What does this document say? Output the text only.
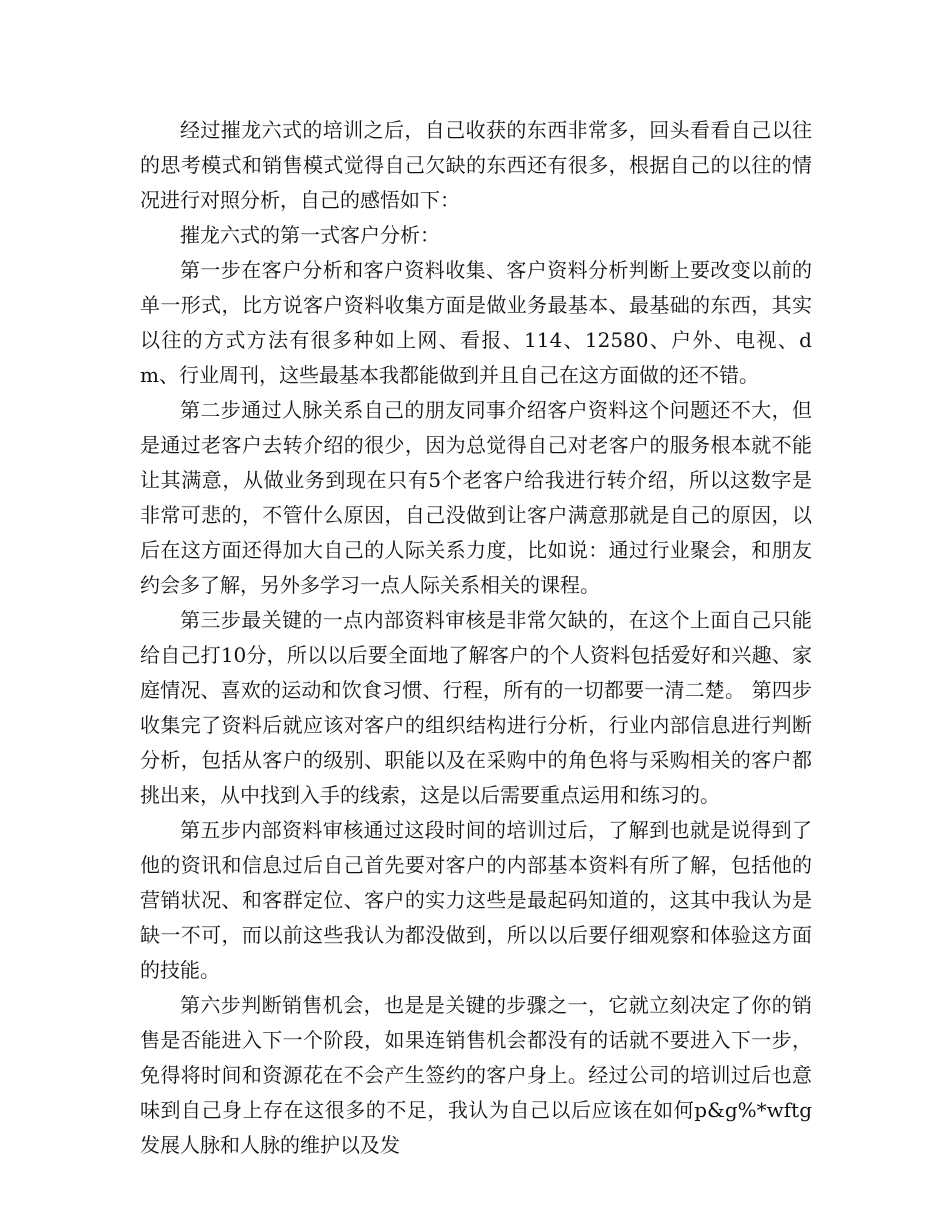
经过摧龙六式的培训之后，自己收获的东西非常多，回头看看自己以往的思考模式和销售模式觉得自己欠缺的东西还有很多，根据自己的以往的情况进行对照分析，自己的感悟如下：

摧龙六式的第一式客户分析：

第一步在客户分析和客户资料收集、客户资料分析判断上要改变以前的单一形式，比方说客户资料收集方面是做业务最基本、最基础的东西，其实以往的方式方法有很多种如上网、看报、114、12580、户外、电视、dm、行业周刊，这些最基本我都能做到并且自己在这方面做的还不错。

第二步通过人脉关系自己的朋友同事介绍客户资料这个问题还不大，但是通过老客户去转介绍的很少，因为总觉得自己对老客户的服务根本就不能让其满意，从做业务到现在只有5个老客户给我进行转介绍，所以这数字是非常可悲的，不管什么原因，自己没做到让客户满意那就是自己的原因，以后在这方面还得加大自己的人际关系力度，比如说：通过行业聚会，和朋友约会多了解，另外多学习一点人际关系相关的课程。

第三步最关键的一点内部资料审核是非常欠缺的，在这个上面自己只能给自己打10分，所以以后要全面地了解客户的个人资料包括爱好和兴趣、家庭情况、喜欢的运动和饮食习惯、行程，所有的一切都要一清二楚。 第四步收集完了资料后就应该对客户的组织结构进行分析，行业内部信息进行判断分析，包括从客户的级别、职能以及在采购中的角色将与采购相关的客户都挑出来，从中找到入手的线索，这是以后需要重点运用和练习的。

第五步内部资料审核通过这段时间的培训过后，了解到也就是说得到了他的资讯和信息过后自己首先要对客户的内部基本资料有所了解，包括他的营销状况、和客群定位、客户的实力这些是最起码知道的，这其中我认为是缺一不可，而以前这些我认为都没做到，所以以后要仔细观察和体验这方面的技能。

第六步判断销售机会，也是是关键的步骤之一，它就立刻决定了你的销售是否能进入下一个阶段，如果连销售机会都没有的话就不要进入下一步，免得将时间和资源花在不会产生签约的客户身上。经过公司的培训过后也意味到自己身上存在这很多的不足，我认为自己以后应该在如何p&g%*wftg发展人脉和人脉的维护以及发
